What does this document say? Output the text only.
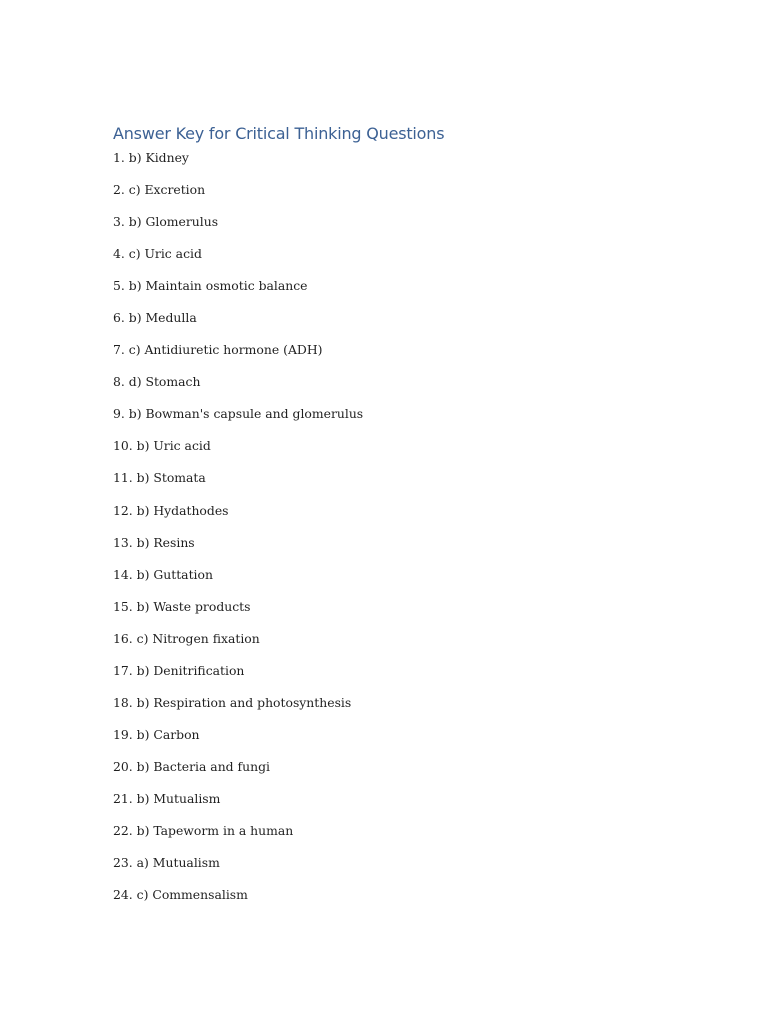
Answer Key for Critical Thinking Questions
1. b) Kidney
2. c) Excretion
3. b) Glomerulus
4. c) Uric acid
5. b) Maintain osmotic balance
6. b) Medulla
7. c) Antidiuretic hormone (ADH)
8. d) Stomach
9. b) Bowman's capsule and glomerulus
10. b) Uric acid
11. b) Stomata
12. b) Hydathodes
13. b) Resins
14. b) Guttation
15. b) Waste products
16. c) Nitrogen fixation
17. b) Denitrification
18. b) Respiration and photosynthesis
19. b) Carbon
20. b) Bacteria and fungi
21. b) Mutualism
22. b) Tapeworm in a human
23. a) Mutualism
24. c) Commensalism
